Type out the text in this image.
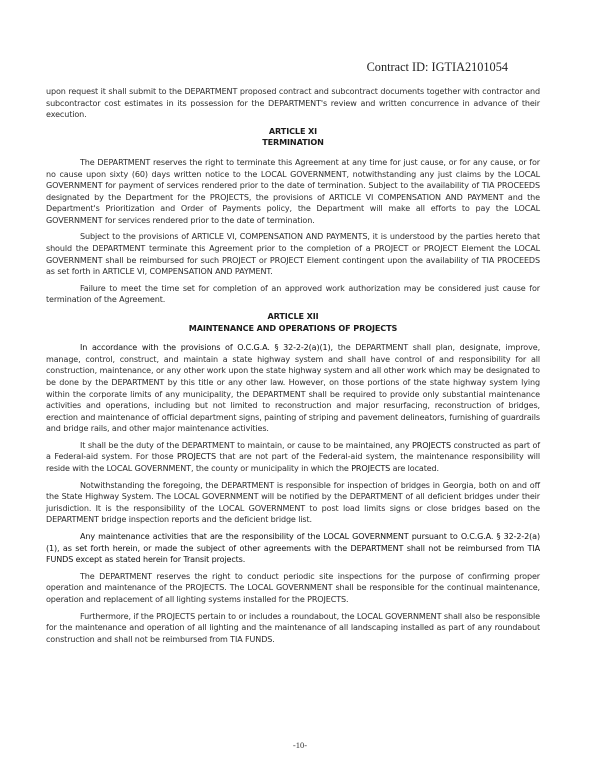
Contract ID: IGTIA2101054

upon request it shall submit to the DEPARTMENT proposed contract and subcontract documents together with contractor and subcontractor cost estimates in its possession for the DEPARTMENT's review and written concurrence in advance of their execution.

ARTICLE XI
TERMINATION

The DEPARTMENT reserves the right to terminate this Agreement at any time for just cause, or for any cause, or for no cause upon sixty (60) days written notice to the LOCAL GOVERNMENT, notwithstanding any just claims by the LOCAL GOVERNMENT for payment of services rendered prior to the date of termination. Subject to the availability of TIA PROCEEDS designated by the Department for the PROJECTS, the provisions of ARTICLE VI COMPENSATION AND PAYMENT and the Department's Prioritization and Order of Payments policy, the Department will make all efforts to pay the LOCAL GOVERNMENT for services rendered prior to the date of termination.

Subject to the provisions of ARTICLE VI, COMPENSATION AND PAYMENTS, it is understood by the parties hereto that should the DEPARTMENT terminate this Agreement prior to the completion of a PROJECT or PROJECT Element the LOCAL GOVERNMENT shall be reimbursed for such PROJECT or PROJECT Element contingent upon the availability of TIA PROCEEDS as set forth in ARTICLE VI, COMPENSATION AND PAYMENT.

Failure to meet the time set for completion of an approved work authorization may be considered just cause for termination of the Agreement.

ARTICLE XII
MAINTENANCE AND OPERATIONS OF PROJECTS

In accordance with the provisions of O.C.G.A. § 32-2-2(a)(1), the DEPARTMENT shall plan, designate, improve, manage, control, construct, and maintain a state highway system and shall have control of and responsibility for all construction, maintenance, or any other work upon the state highway system and all other work which may be designated to be done by the DEPARTMENT by this title or any other law. However, on those portions of the state highway system lying within the corporate limits of any municipality, the DEPARTMENT shall be required to provide only substantial maintenance activities and operations, including but not limited to reconstruction and major resurfacing, reconstruction of bridges, erection and maintenance of official department signs, painting of striping and pavement delineators, furnishing of guardrails and bridge rails, and other major maintenance activities.

It shall be the duty of the DEPARTMENT to maintain, or cause to be maintained, any PROJECTS constructed as part of a Federal-aid system. For those PROJECTS that are not part of the Federal-aid system, the maintenance responsibility will reside with the LOCAL GOVERNMENT, the county or municipality in which the PROJECTS are located.

Notwithstanding the foregoing, the DEPARTMENT is responsible for inspection of bridges in Georgia, both on and off the State Highway System. The LOCAL GOVERNMENT will be notified by the DEPARTMENT of all deficient bridges under their jurisdiction. It is the responsibility of the LOCAL GOVERNMENT to post load limits signs or close bridges based on the DEPARTMENT bridge inspection reports and the deficient bridge list.

Any maintenance activities that are the responsibility of the LOCAL GOVERNMENT pursuant to O.C.G.A. § 32-2-2(a)(1), as set forth herein, or made the subject of other agreements with the DEPARTMENT shall not be reimbursed from TIA FUNDS except as stated herein for Transit projects.

The DEPARTMENT reserves the right to conduct periodic site inspections for the purpose of confirming proper operation and maintenance of the PROJECTS. The LOCAL GOVERNMENT shall be responsible for the continual maintenance, operation and replacement of all lighting systems installed for the PROJECTS.

Furthermore, if the PROJECTS pertain to or includes a roundabout, the LOCAL GOVERNMENT shall also be responsible for the maintenance and operation of all lighting and the maintenance of all landscaping installed as part of any roundabout construction and shall not be reimbursed from TIA FUNDS.

-10-
